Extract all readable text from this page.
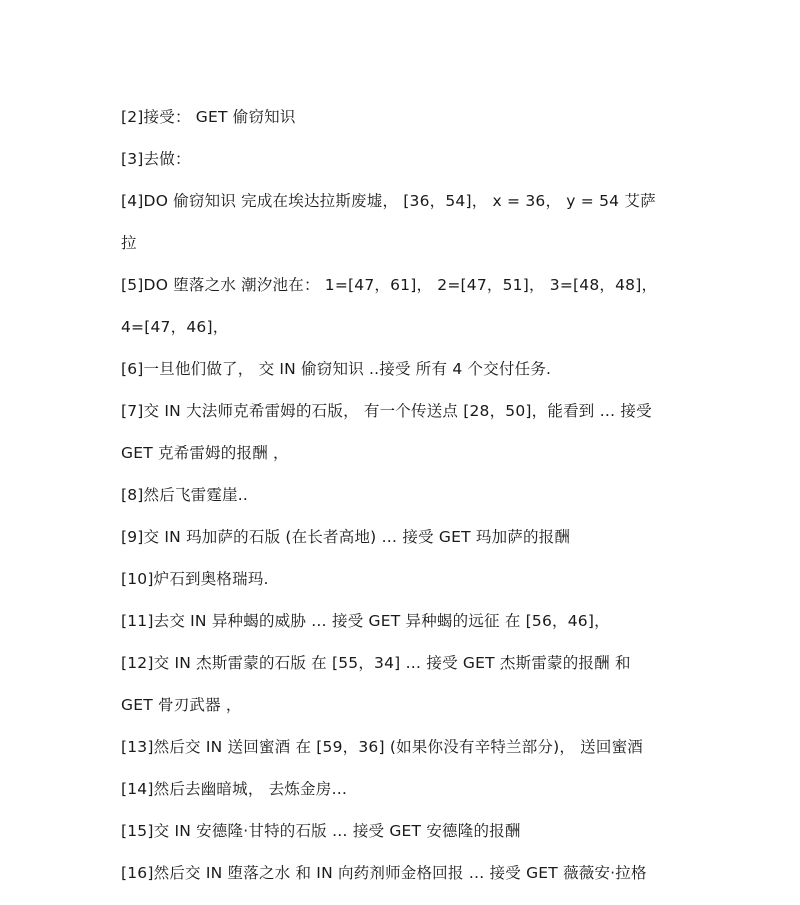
[2]接受： GET 偷窃知识
[3]去做：
[4]DO 偷窃知识 完成在埃达拉斯废墟， [36，54]， x = 36， y = 54 艾萨
拉
[5]DO 堕落之水 潮汐池在： 1=[47，61]， 2=[47，51]， 3=[48，48]，
4=[47，46]，
[6]一旦他们做了， 交 IN 偷窃知识 ..接受 所有 4 个交付任务.
[7]交 IN 大法师克希雷姆的石版， 有一个传送点 [28，50]，能看到 … 接受
GET 克希雷姆的报酬 ，
[8]然后飞雷霆崖..
[9]交 IN 玛加萨的石版 (在长者高地) … 接受 GET 玛加萨的报酬
[10]炉石到奥格瑞玛.
[11]去交 IN 异种蝎的威胁 … 接受 GET 异种蝎的远征 在 [56，46]，
[12]交 IN 杰斯雷蒙的石版 在 [55，34] … 接受 GET 杰斯雷蒙的报酬 和
GET 骨刃武器 ，
[13]然后交 IN 送回蜜酒 在 [59，36] (如果你没有辛特兰部分)， 送回蜜酒
[14]然后去幽暗城， 去炼金房…
[15]交 IN 安德隆·甘特的石版 … 接受 GET 安德隆的报酬
[16]然后交 IN 堕落之水 和 IN 向药剂师金格回报 … 接受 GET 薇薇安·拉格
